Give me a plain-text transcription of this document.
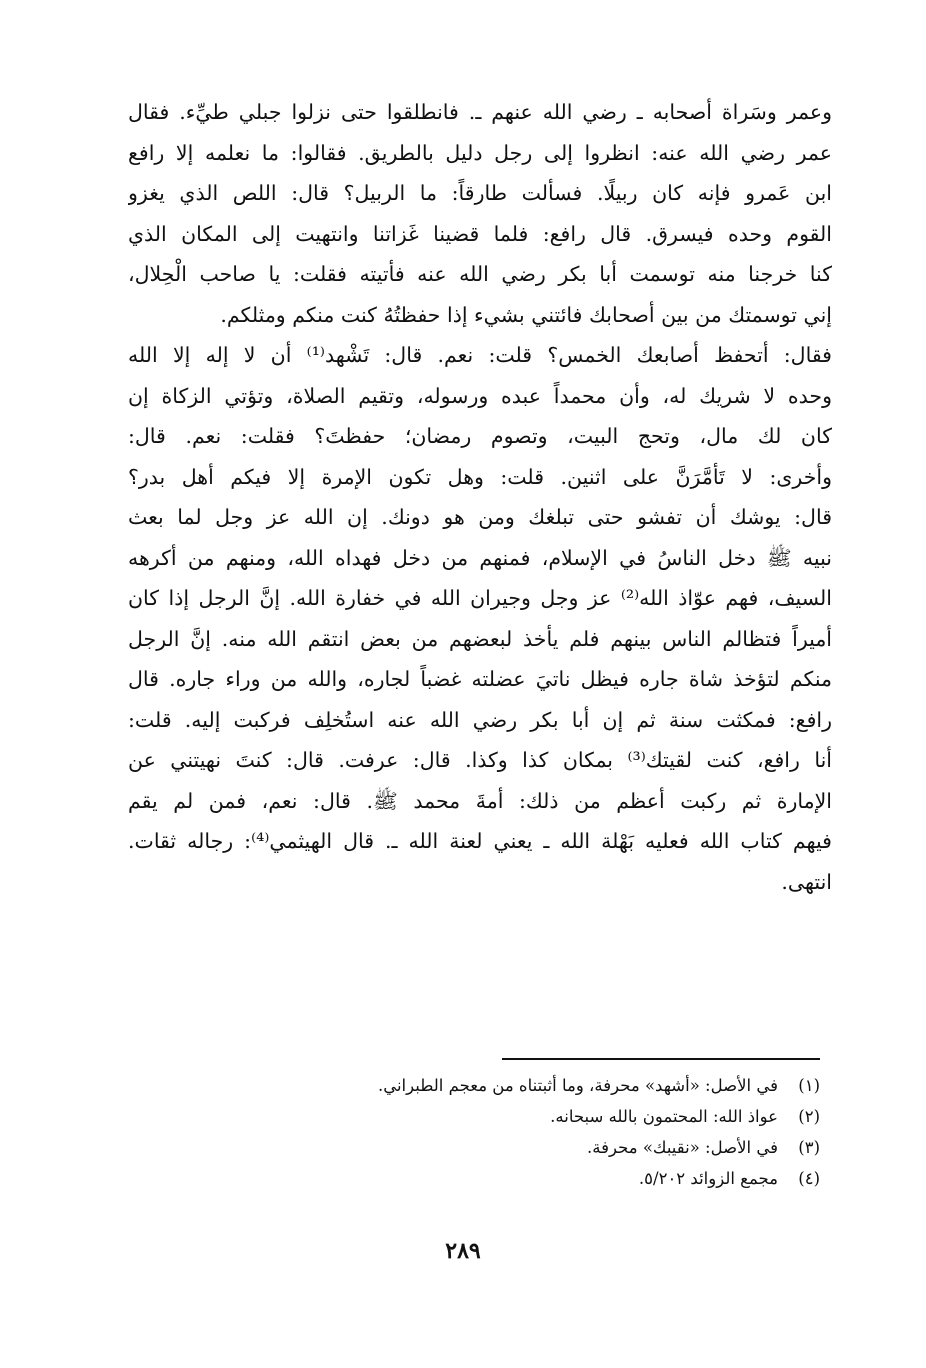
وعمر وسَراة أصحابه ـ رضي الله عنهم ـ. فانطلقوا حتى نزلوا جبلي طيِّء. فقال
عمر رضي الله عنه: انظروا إلى رجل دليل بالطريق. فقالوا: ما نعلمه إلا رافع
ابن عَمرو فإنه كان ربيلًا. فسألت طارقاً: ما الربيل؟ قال: اللص الذي يغزو
القوم وحده فيسرق. قال رافع: فلما قضينا غَزاتنا وانتهيت إلى المكان الذي
كنا خرجنا منه توسمت أبا بكر رضي الله عنه فأتيته فقلت: يا صاحب الْحِلال،
إني توسمتك من بين أصحابك فائتني بشيء إذا حفظتُهُ كنت منكم ومثلكم.
فقال: أتحفظ أصابعك الخمس؟ قلت: نعم. قال: تَشْهد⁽¹⁾ أن لا إله إلا الله
وحده لا شريك له، وأن محمداً عبده ورسوله، وتقيم الصلاة، وتؤتي الزكاة إن
كان لك مال، وتحج البيت، وتصوم رمضان؛ حفظتَ؟ فقلت: نعم. قال:
وأخرى: لا تَأمَّرَنَّ على اثنين. قلت: وهل تكون الإمرة إلا فيكم أهل بدر؟
قال: يوشك أن تفشو حتى تبلغك ومن هو دونك. إن الله عز وجل لما بعث
نبيه ﷺ دخل الناسُ في الإسلام، فمنهم من دخل فهداه الله، ومنهم من أكرهه
السيف، فهم عوّاذ الله⁽²⁾ عز وجل وجيران الله في خفارة الله. إنَّ الرجل إذا كان
أميراً فتظالم الناس بينهم فلم يأخذ لبعضهم من بعض انتقم الله منه. إنَّ الرجل
منكم لتؤخذ شاة جاره فيظل ناتيَ عضلته غضباً لجاره، والله من وراء جاره. قال
رافع: فمكثت سنة ثم إن أبا بكر رضي الله عنه استُخلِف فركبت إليه. قلت:
أنا رافع، كنت لقيتك⁽³⁾ بمكان كذا وكذا. قال: عرفت. قال: كنتَ نهيتني عن
الإمارة ثم ركبت أعظم من ذلك: أمةَ محمد ﷺ. قال: نعم، فمن لم يقم
فيهم كتاب الله فعليه بَهْلة الله ـ يعني لعنة الله ـ. قال الهيثمي⁽⁴⁾: رجاله ثقات.
انتهى.
(١)في الأصل: «أشهد» محرفة، وما أثبتناه من معجم الطبراني.
(٢)عواذ الله: المحتمون بالله سبحانه.
(٣)في الأصل: «نقيبك» محرفة.
(٤)مجمع الزوائد ٥/٢٠٢.
٢٨٩
